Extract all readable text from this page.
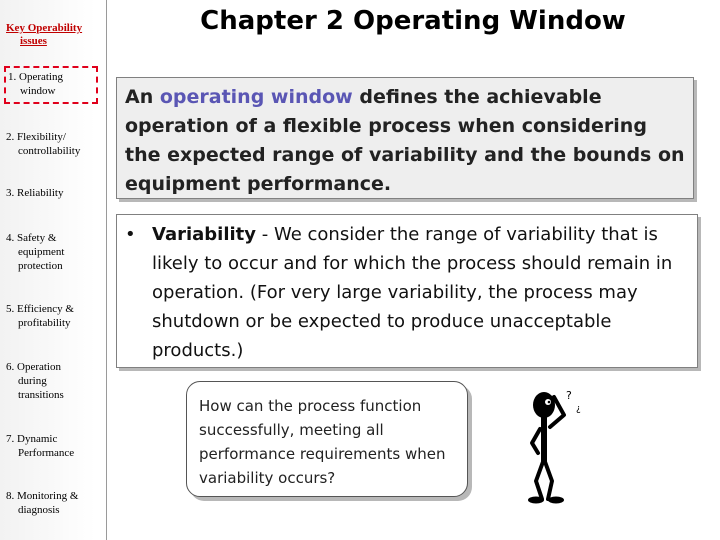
Key Operability
issues
1. Operating
window
2. Flexibility/
controllability
3. Reliability
4. Safety &
equipment
protection
5. Efficiency &
profitability
6. Operation
during
transitions
7. Dynamic
Performance
8. Monitoring &
diagnosis
Chapter 2 Operating Window
An operating window defines the achievable operation of a flexible process when considering the expected range of variability and the bounds on equipment performance.
• Variability - We consider the range of variability that is likely to occur and for which the process should remain in operation. (For very large variability, the process may shutdown or be expected to produce unacceptable products.)
How can the process function successfully, meeting all performance requirements when variability occurs?
?
¿
